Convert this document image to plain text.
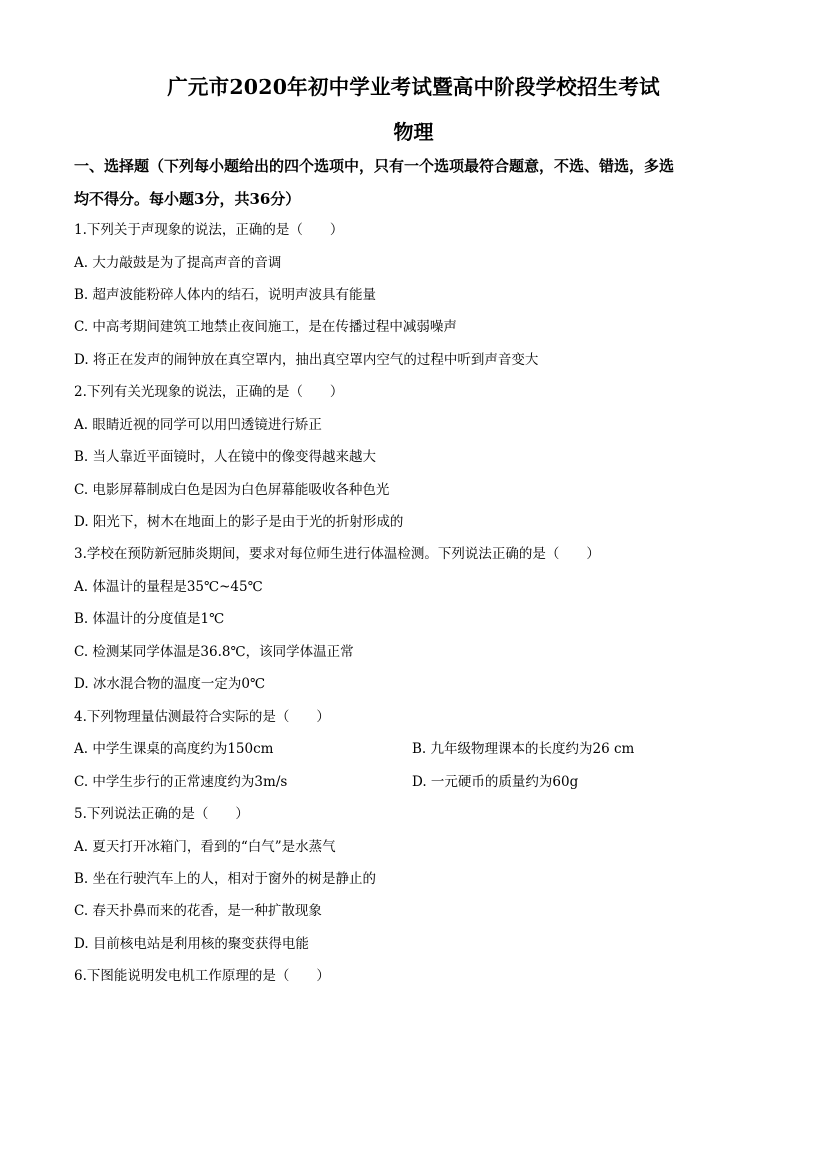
广元市2020年初中学业考试暨高中阶段学校招生考试
物理
一、选择题（下列每小题给出的四个选项中，只有一个选项最符合题意，不选、错选，多选
均不得分。每小题3分，共36分）
1.下列关于声现象的说法，正确的是（　　）
A. 大力敲鼓是为了提高声音的音调
B. 超声波能粉碎人体内的结石，说明声波具有能量
C. 中高考期间建筑工地禁止夜间施工，是在传播过程中减弱噪声
D. 将正在发声的闹钟放在真空罩内，抽出真空罩内空气的过程中听到声音变大
2.下列有关光现象的说法，正确的是（　　）
A. 眼睛近视的同学可以用凹透镜进行矫正
B. 当人靠近平面镜时，人在镜中的像变得越来越大
C. 电影屏幕制成白色是因为白色屏幕能吸收各种色光
D. 阳光下，树木在地面上的影子是由于光的折射形成的
3.学校在预防新冠肺炎期间，要求对每位师生进行体温检测。下列说法正确的是（　　）
A. 体温计的量程是35℃~45℃
B. 体温计的分度值是1℃
C. 检测某同学体温是36.8℃，该同学体温正常
D. 冰水混合物的温度一定为0℃
4.下列物理量估测最符合实际的是（　　）
A. 中学生课桌的高度约为150cm	B. 九年级物理课本的长度约为26 cm
C. 中学生步行的正常速度约为3m/s	D. 一元硬币的质量约为60g
5.下列说法正确的是（　　）
A. 夏天打开冰箱门，看到的“白气”是水蒸气
B. 坐在行驶汽车上的人，相对于窗外的树是静止的
C. 春天扑鼻而来的花香，是一种扩散现象
D. 目前核电站是利用核的聚变获得电能
6.下图能说明发电机工作原理的是（　　）
